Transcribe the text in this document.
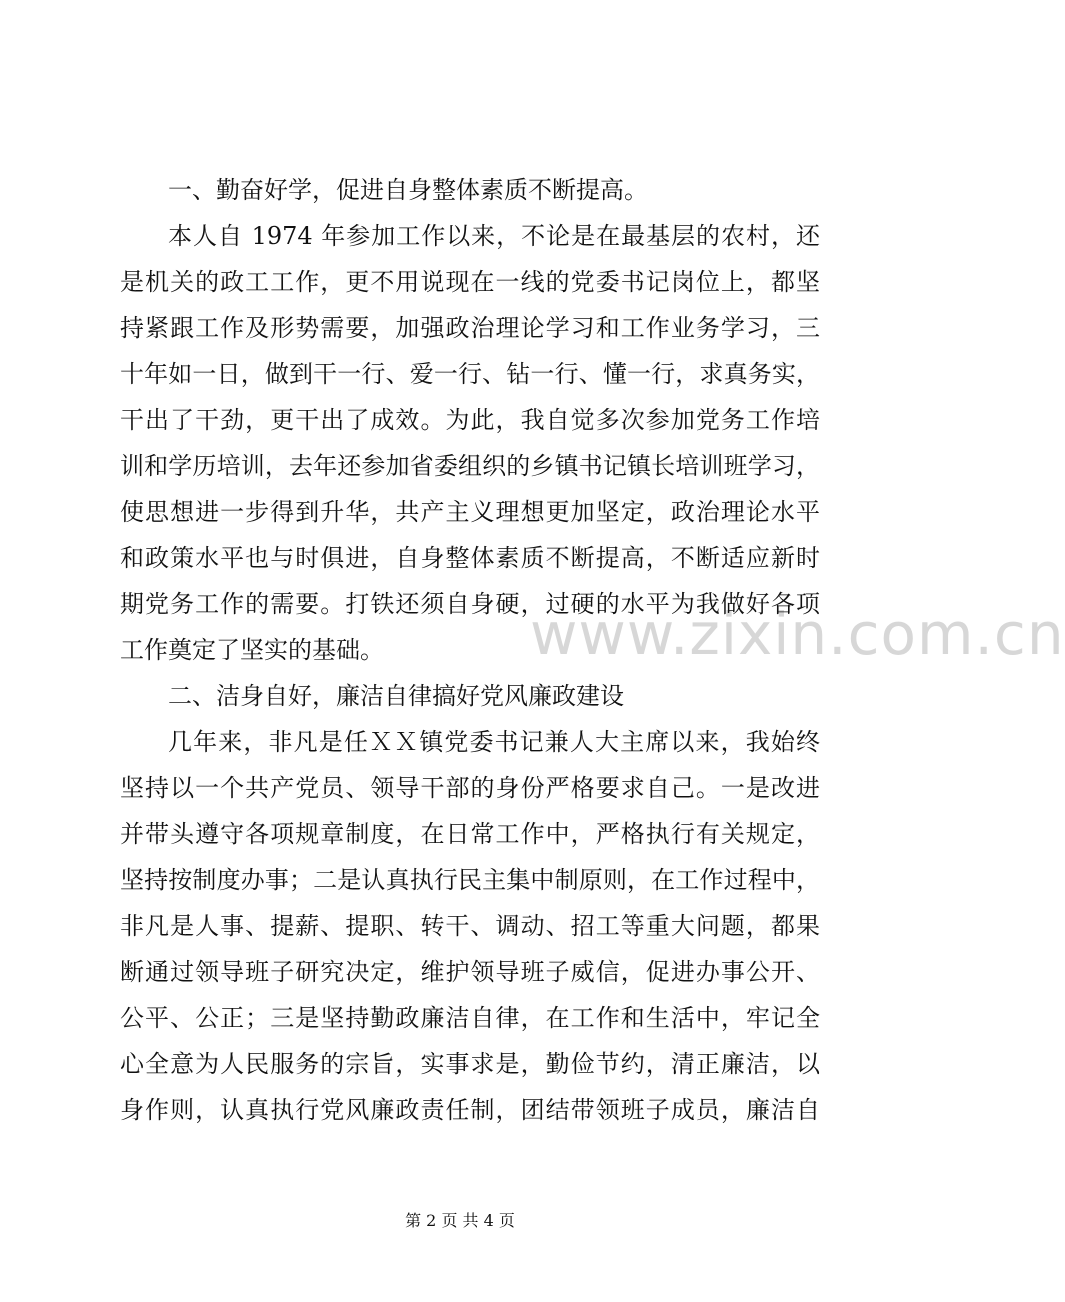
www.zixin.com.cn
一、勤奋好学，促进自身整体素质不断提高。
本人自 1974 年参加工作以来，不论是在最基层的农村，还
是机关的政工工作，更不用说现在一线的党委书记岗位上，都坚
持紧跟工作及形势需要，加强政治理论学习和工作业务学习，三
十年如一日，做到干一行、爱一行、钻一行、懂一行，求真务实，
干出了干劲，更干出了成效。为此，我自觉多次参加党务工作培
训和学历培训，去年还参加省委组织的乡镇书记镇长培训班学习，
使思想进一步得到升华，共产主义理想更加坚定，政治理论水平
和政策水平也与时俱进，自身整体素质不断提高，不断适应新时
期党务工作的需要。打铁还须自身硬，过硬的水平为我做好各项
工作奠定了坚实的基础。
二、洁身自好，廉洁自律搞好党风廉政建设
几年来，非凡是任ＸＸ镇党委书记兼人大主席以来，我始终
坚持以一个共产党员、领导干部的身份严格要求自己。一是改进
并带头遵守各项规章制度，在日常工作中，严格执行有关规定，
坚持按制度办事；二是认真执行民主集中制原则，在工作过程中，
非凡是人事、提薪、提职、转干、调动、招工等重大问题，都果
断通过领导班子研究决定，维护领导班子威信，促进办事公开、
公平、公正；三是坚持勤政廉洁自律，在工作和生活中，牢记全
心全意为人民服务的宗旨，实事求是，勤俭节约，清正廉洁，以
身作则，认真执行党风廉政责任制，团结带领班子成员，廉洁自
第 2 页 共 4 页
